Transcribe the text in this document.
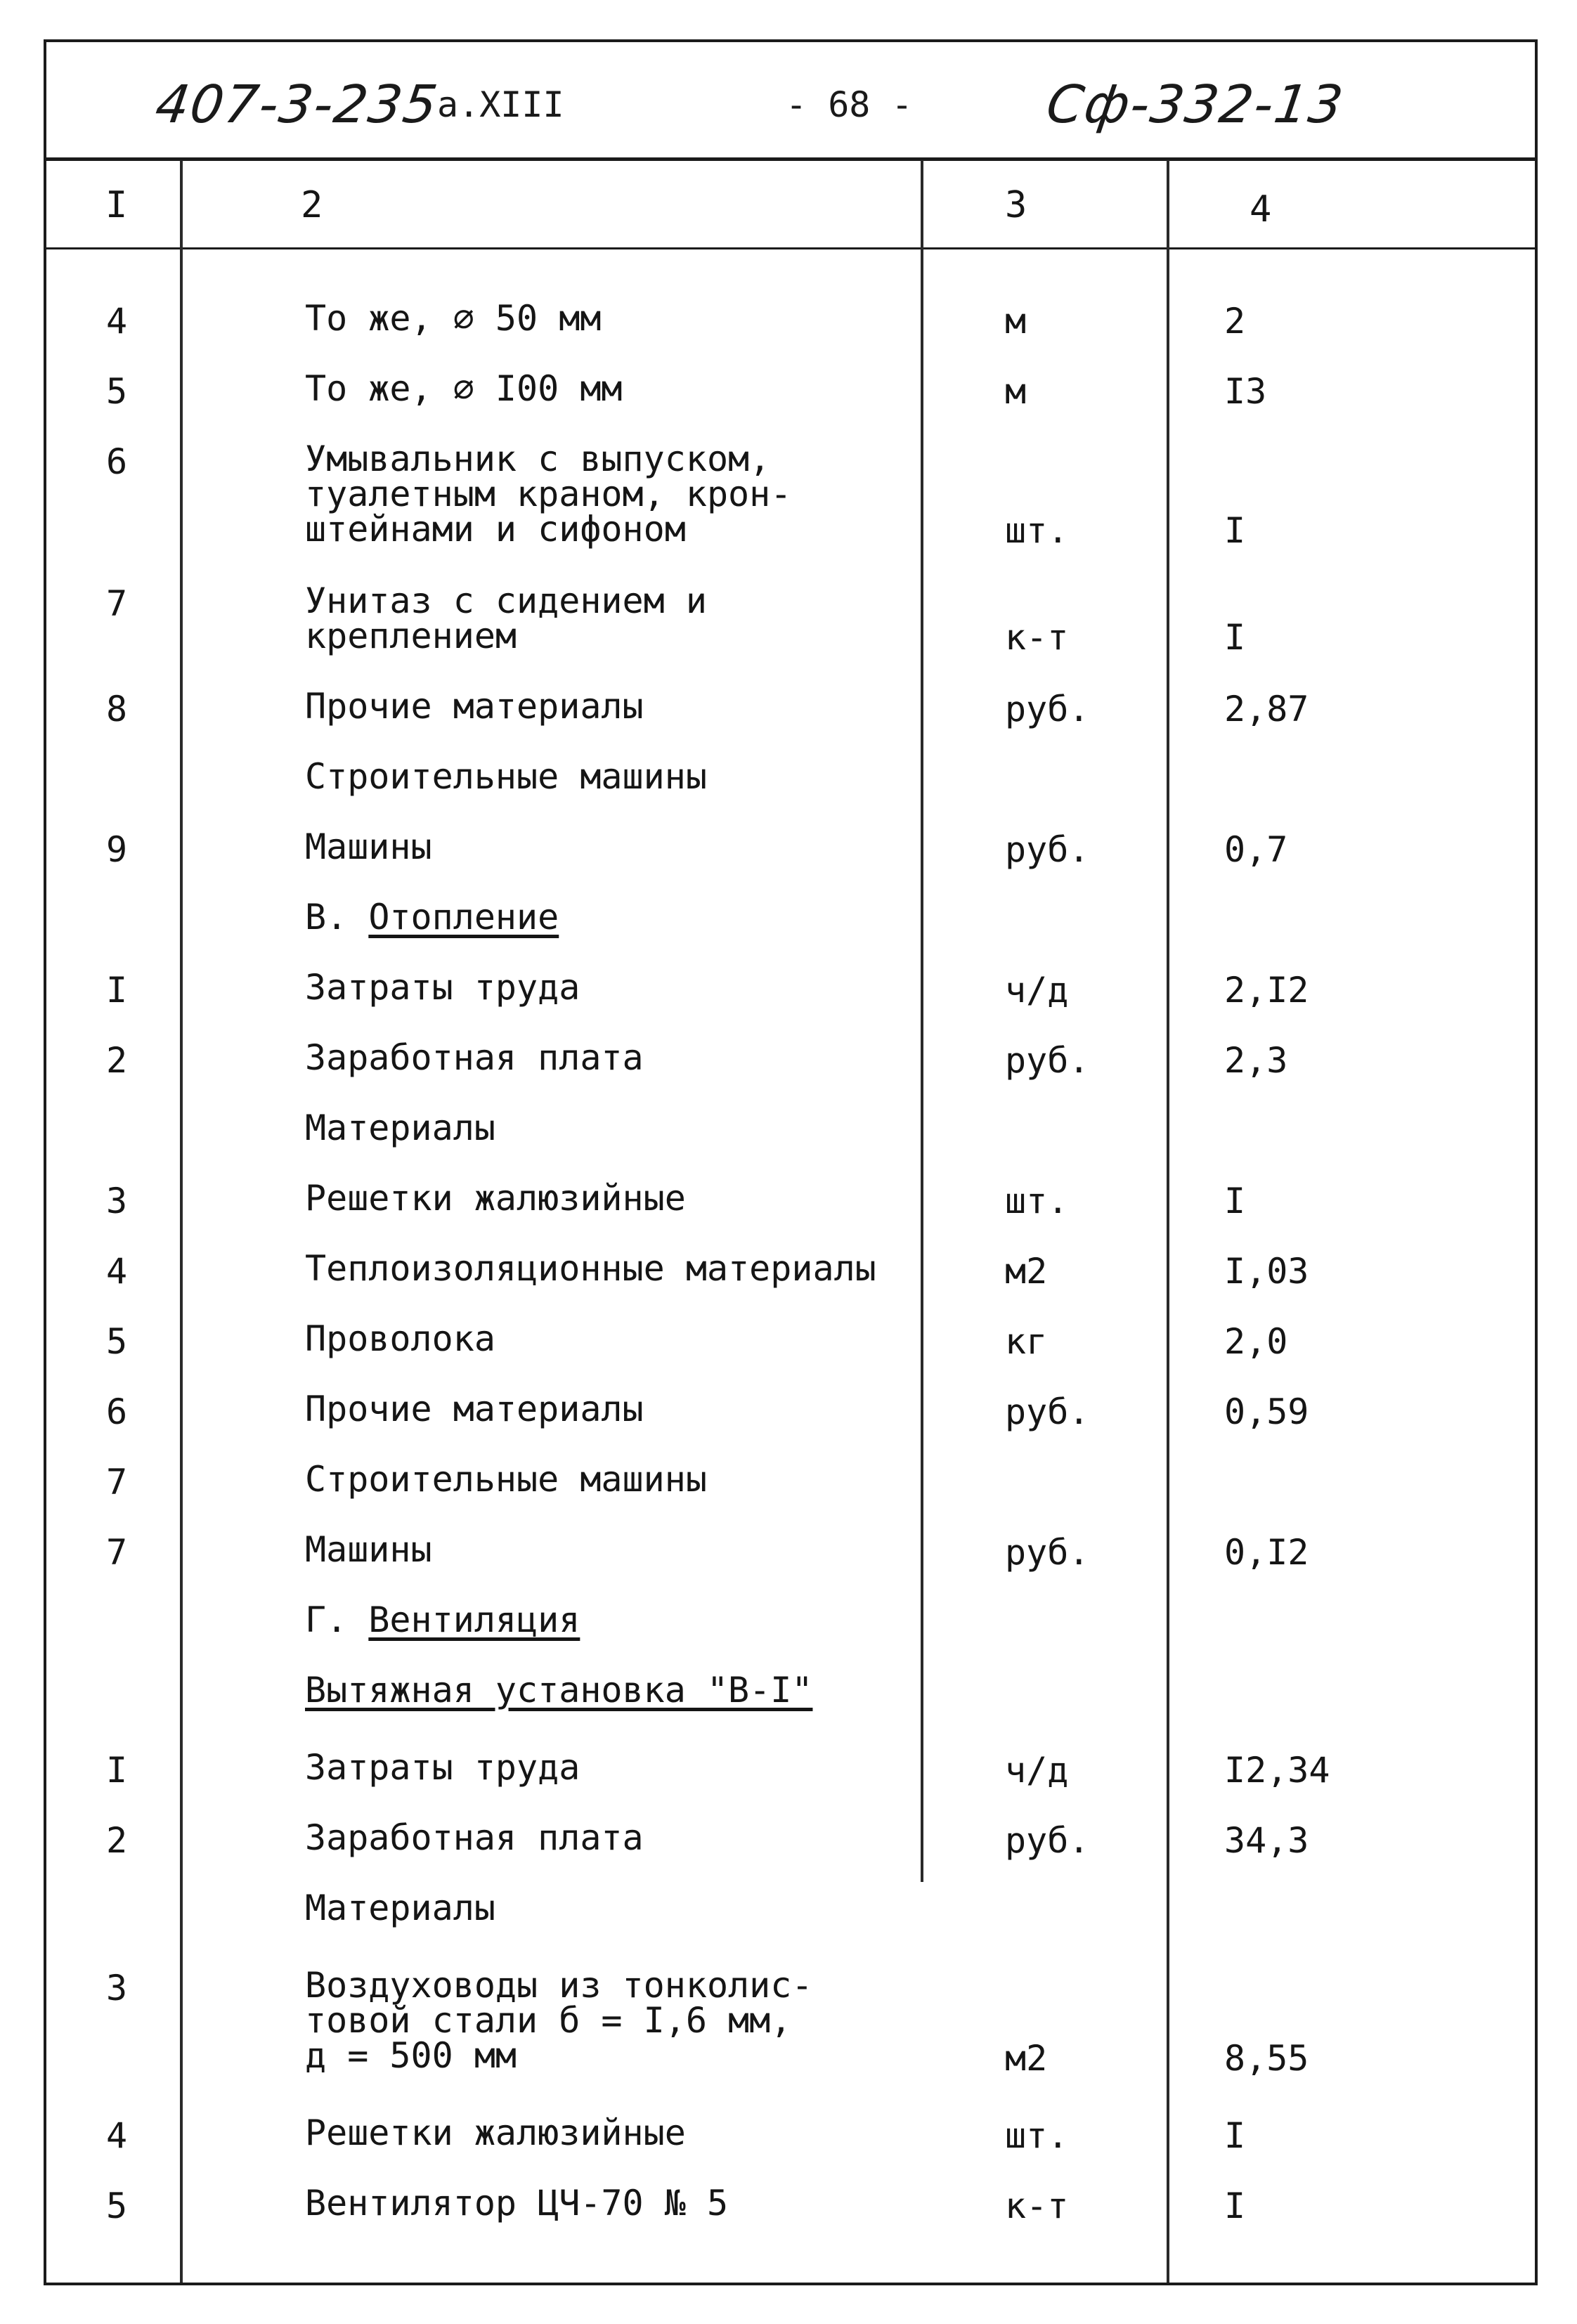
407-3-235
а.XIII	- 68 -	Сф-332-13
I	2	3	4
4	То же, ⌀ 50 мм	м	2
5	То же, ⌀ I00 мм	м	I3
6	Умывальник с выпуском,
туалетным краном, крон-
штейнами и сифоном	шт.	I
7	Унитаз с сидением и
креплением	к-т	I
8	Прочие материалы	руб.	2,87
Строительные машины
9	Машины	руб.	0,7
В. Отопление
I	Затраты труда	ч/д	2,I2
2	Заработная плата	руб.	2,3
Материалы
3	Решетки жалюзийные	шт.	I
4	Теплоизоляционные материалы	м2	I,03
5	Проволока	кг	2,0
6	Прочие материалы	руб.	0,59
7	Строительные машины
7	Машины	руб.	0,I2
Г. Вентиляция
Вытяжная установка "В-I"
I	Затраты труда	ч/д	I2,34
2	Заработная плата	руб.	34,3
Материалы
3	Воздуховоды из тонколис-
товой стали б = I,6 мм,
д = 500 мм	м2	8,55
4	Решетки жалюзийные	шт.	I
5	Вентилятор ЦЧ-70 № 5	к-т	I
